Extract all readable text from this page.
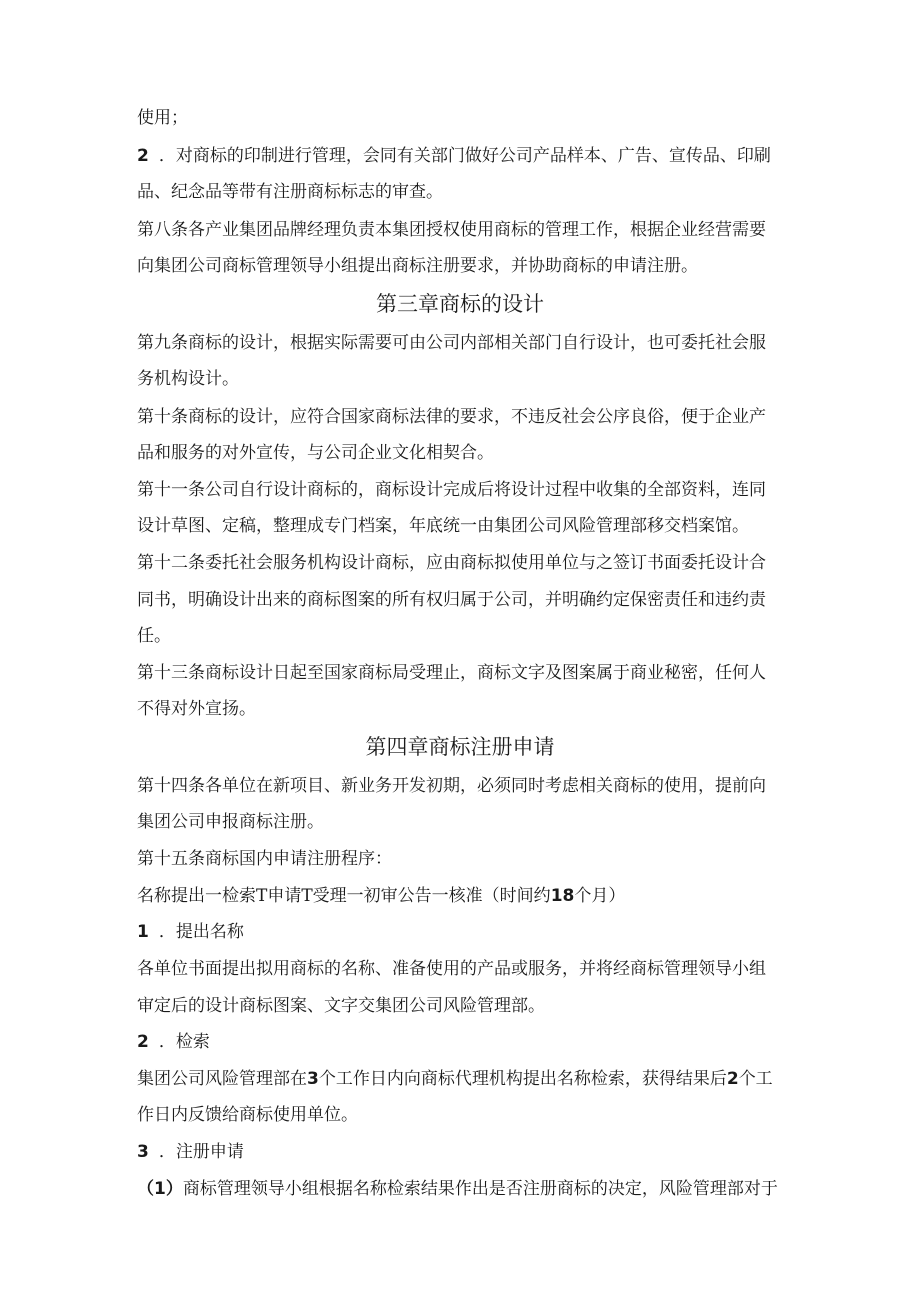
使用；

2 ．对商标的印制进行管理，会同有关部门做好公司产品样本、广告、宣传品、印刷

品、纪念品等带有注册商标标志的审查。

第八条各产业集团品牌经理负责本集团授权使用商标的管理工作，根据企业经营需要

向集团公司商标管理领导小组提出商标注册要求，并协助商标的申请注册。

第三章商标的设计

第九条商标的设计，根据实际需要可由公司内部相关部门自行设计，也可委托社会服

务机构设计。

第十条商标的设计，应符合国家商标法律的要求，不违反社会公序良俗，便于企业产

品和服务的对外宣传，与公司企业文化相契合。

第十一条公司自行设计商标的，商标设计完成后将设计过程中收集的全部资料，连同

设计草图、定稿，整理成专门档案，年底统一由集团公司风险管理部移交档案馆。

第十二条委托社会服务机构设计商标，应由商标拟使用单位与之签订书面委托设计合

同书，明确设计出来的商标图案的所有权归属于公司，并明确约定保密责任和违约责

任。

第十三条商标设计日起至国家商标局受理止，商标文字及图案属于商业秘密，任何人

不得对外宣扬。

第四章商标注册申请

第十四条各单位在新项目、新业务开发初期，必须同时考虑相关商标的使用，提前向

集团公司申报商标注册。

第十五条商标国内申请注册程序：

名称提出一检索T申请T受理一初审公告一核准（时间约18个月）

1 ．提出名称

各单位书面提出拟用商标的名称、准备使用的产品或服务，并将经商标管理领导小组

审定后的设计商标图案、文字交集团公司风险管理部。

2 ．检索

集团公司风险管理部在3个工作日内向商标代理机构提出名称检索，获得结果后2个工

作日内反馈给商标使用单位。

3 ．注册申请

（1）商标管理领导小组根据名称检索结果作出是否注册商标的决定，风险管理部对于
